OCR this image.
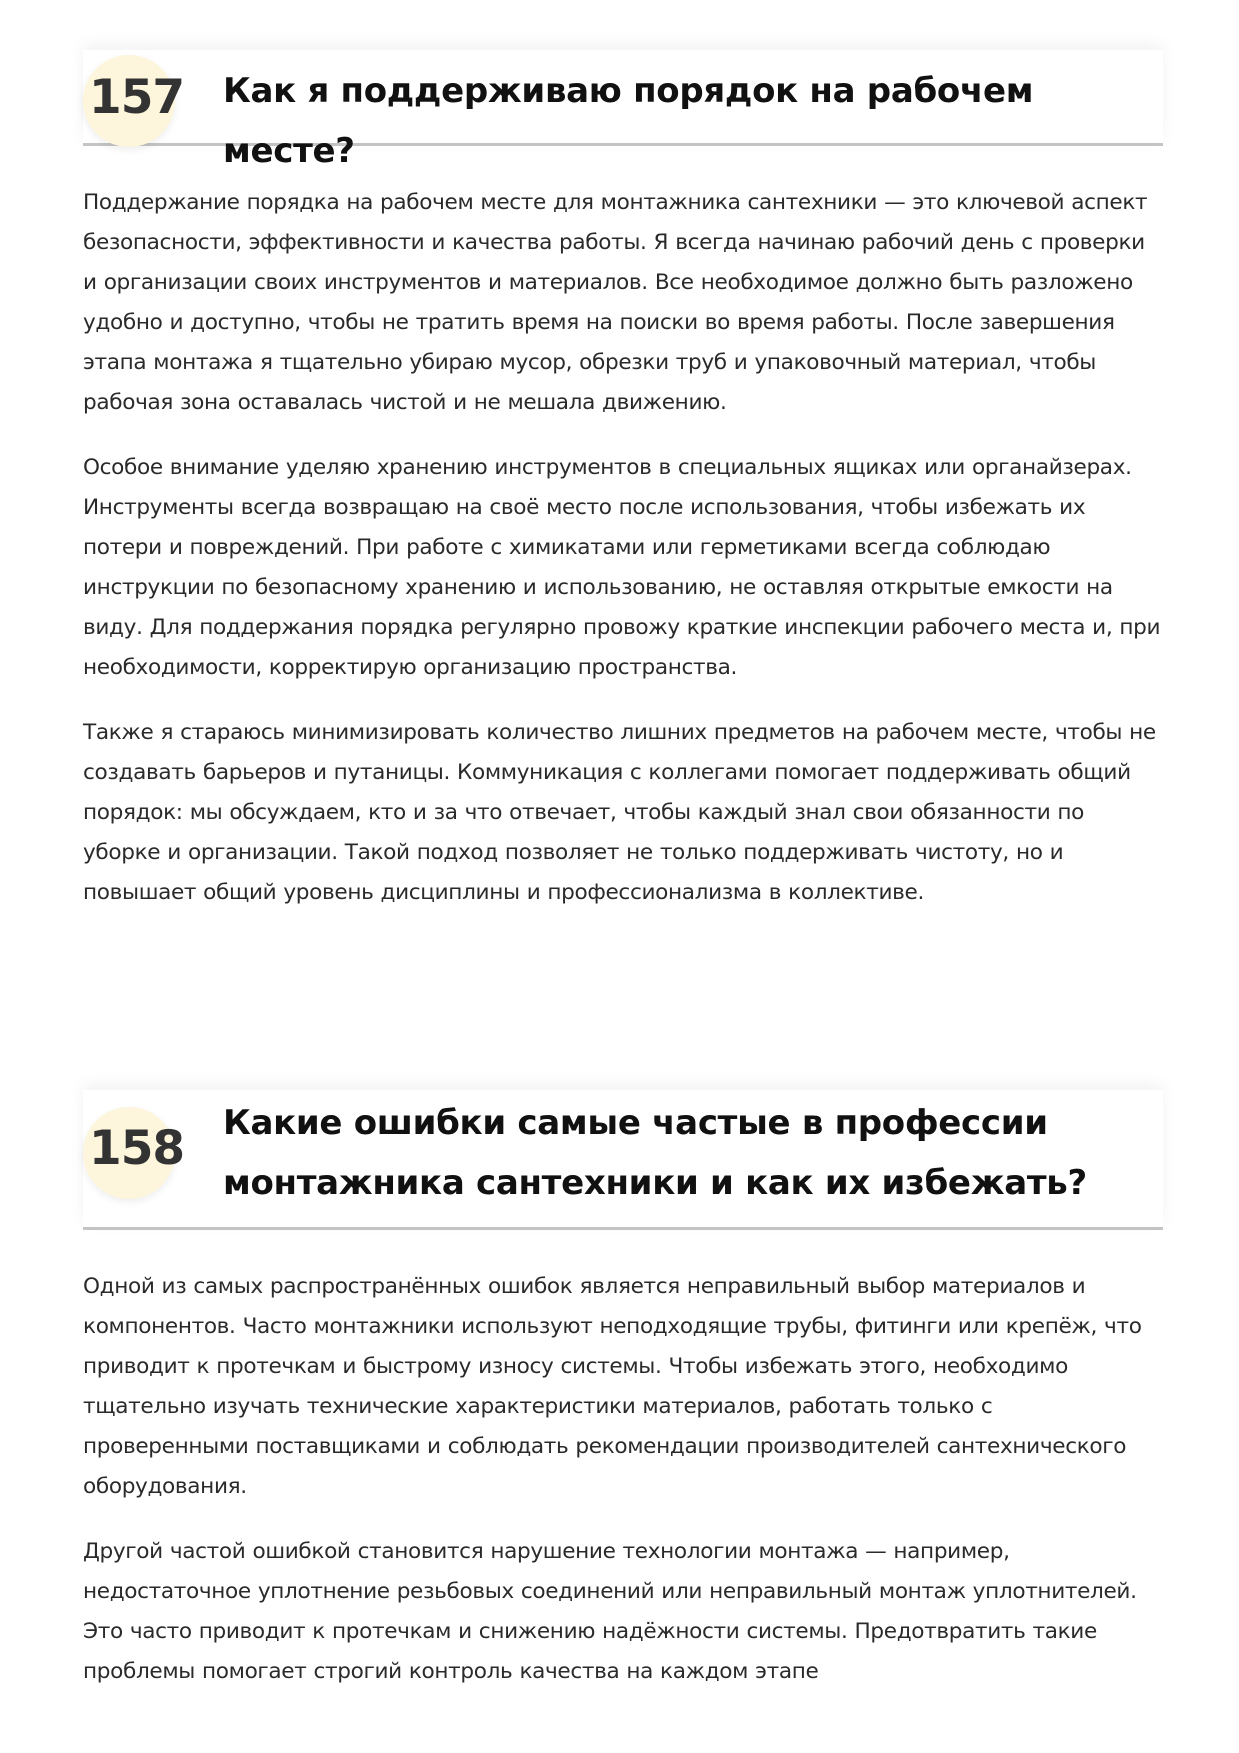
157 Как я поддерживаю порядок на рабочем месте?

Поддержание порядка на рабочем месте для монтажника сантехники — это ключевой аспект безопасности, эффективности и качества работы. Я всегда начинаю рабочий день с проверки и организации своих инструментов и материалов. Все необходимое должно быть разложено удобно и доступно, чтобы не тратить время на поиски во время работы. После завершения этапа монтажа я тщательно убираю мусор, обрезки труб и упаковочный материал, чтобы рабочая зона оставалась чистой и не мешала движению.

Особое внимание уделяю хранению инструментов в специальных ящиках или органайзерах. Инструменты всегда возвращаю на своё место после использования, чтобы избежать их потери и повреждений. При работе с химикатами или герметиками всегда соблюдаю инструкции по безопасному хранению и использованию, не оставляя открытые емкости на виду. Для поддержания порядка регулярно провожу краткие инспекции рабочего места и, при необходимости, корректирую организацию пространства.

Также я стараюсь минимизировать количество лишних предметов на рабочем месте, чтобы не создавать барьеров и путаницы. Коммуникация с коллегами помогает поддерживать общий порядок: мы обсуждаем, кто и за что отвечает, чтобы каждый знал свои обязанности по уборке и организации. Такой подход позволяет не только поддерживать чистоту, но и повышает общий уровень дисциплины и профессионализма в коллективе.

158 Какие ошибки самые частые в профессии
монтажника сантехники и как их избежать?

Одной из самых распространённых ошибок является неправильный выбор материалов и компонентов. Часто монтажники используют неподходящие трубы, фитинги или крепёж, что приводит к протечкам и быстрому износу системы. Чтобы избежать этого, необходимо тщательно изучать технические характеристики материалов, работать только с проверенными поставщиками и соблюдать рекомендации производителей сантехнического оборудования.

Другой частой ошибкой становится нарушение технологии монтажа — например, недостаточное уплотнение резьбовых соединений или неправильный монтаж уплотнителей. Это часто приводит к протечкам и снижению надёжности системы. Предотвратить такие проблемы помогает строгий контроль качества на каждом этапе
